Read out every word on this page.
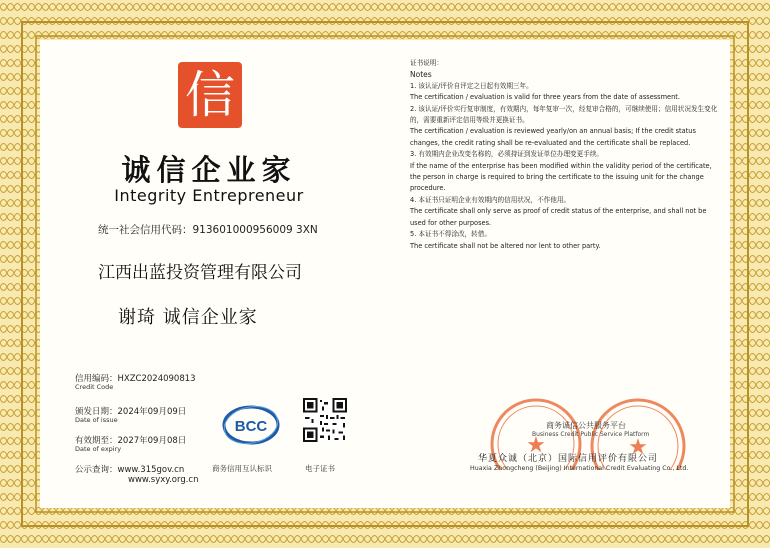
信
诚信企业家
Integrity Entrepreneur
统一社会信用代码：913601000956009 3XN
江西出蓝投资管理有限公司
谢琦 诚信企业家
信用编码：HXZC2024090813
Credit Code
颁发日期：2024年09月09日
Date of issue
有效期至：2027年09月08日
Date of expiry
公示查询：www.315gov.cn
www.syxy.org.cn
BCC
商务信用互认标识	电子证书
证书说明：
Notes
1. 该认证/评价自评定之日起有效期三年。
The certification / evaluation is valid for three years from the date of assessment.
2. 该认证/评价实行复审制度，有效期内，每年复审一次，经复审合格的，可继续使用；信用状况发生变化的，需要重新评定信用等级并更换证书。
The certification / evaluation is reviewed yearly/on an annual basis; If the credit status changes, the credit rating shall be re-evaluated and the certificate shall be replaced.
3. 有效期内企业改变名称的，必须持证到发证单位办理变更手续。
If the name of the enterprise has been modified within the validity period of the certificate, the person in charge is required to bring the certificate to the issuing unit for the change procedure.
4. 本证书只证明企业有效期内的信用状况，不作他用。
The certificate shall only serve as proof of credit status of the enterprise, and shall not be used for other purposes.
5. 本证书不得涂改，转借。
The certificate shall not be altered nor lent to other party.
★	★
商务诚信公共服务平台
Business Credit Public Service Platform
华夏众诚（北京）国际信用评价有限公司
Huaxia Zhongcheng (Beijing) International Credit Evaluating Co., Ltd.
